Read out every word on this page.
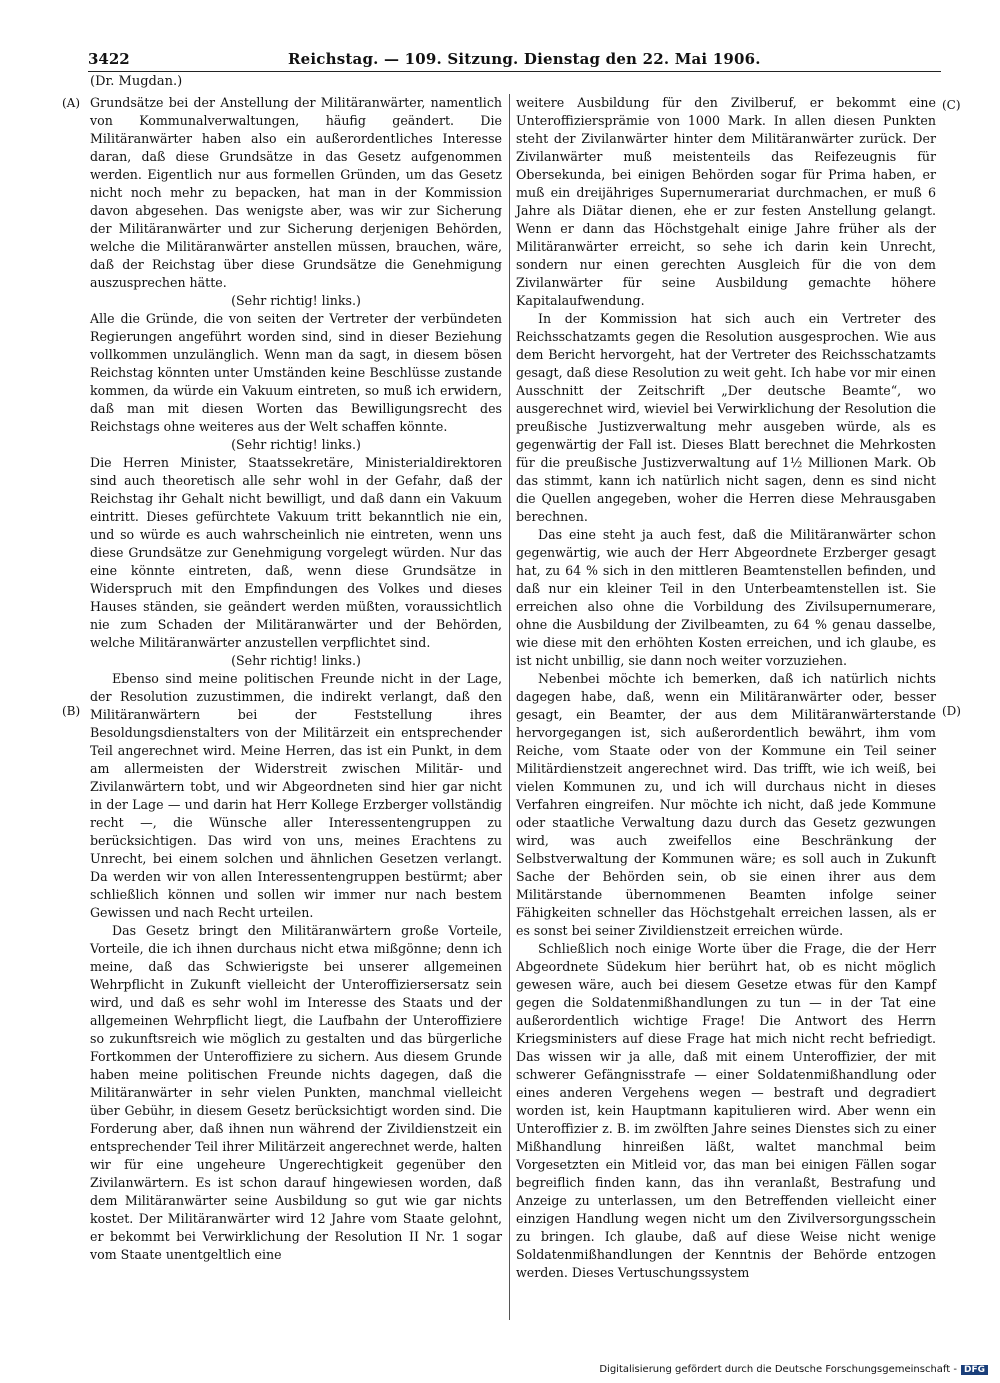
3422	Reichstag. — 109. Sitzung. Dienstag den 22. Mai 1906.
(Dr. Mugdan.)
(A)
(B)
(C)
(D)

Grundsätze bei der Anstellung der Militäranwärter, namentlich von Kommunalverwaltungen, häufig geändert. Die Militäranwärter haben also ein außerordentliches Interesse daran, daß diese Grundsätze in das Gesetz aufgenommen werden. Eigentlich nur aus formellen Gründen, um das Gesetz nicht noch mehr zu bepacken, hat man in der Kommission davon abgesehen. Das wenigste aber, was wir zur Sicherung der Militäranwärter und zur Sicherung derjenigen Behörden, welche die Militäranwärter anstellen müssen, brauchen, wäre, daß der Reichstag über diese Grundsätze die Genehmigung auszusprechen hätte.

(Sehr richtig! links.)

Alle die Gründe, die von seiten der Vertreter der verbündeten Regierungen angeführt worden sind, sind in dieser Beziehung vollkommen unzulänglich. Wenn man da sagt, in diesem bösen Reichstag könnten unter Umständen keine Beschlüsse zustande kommen, da würde ein Vakuum eintreten, so muß ich erwidern, daß man mit diesen Worten das Bewilligungsrecht des Reichstags ohne weiteres aus der Welt schaffen könnte.

(Sehr richtig! links.)

Die Herren Minister, Staatssekretäre, Ministerialdirektoren sind auch theoretisch alle sehr wohl in der Gefahr, daß der Reichstag ihr Gehalt nicht bewilligt, und daß dann ein Vakuum eintritt. Dieses gefürchtete Vakuum tritt bekanntlich nie ein, und so würde es auch wahrscheinlich nie eintreten, wenn uns diese Grundsätze zur Genehmigung vorgelegt würden. Nur das eine könnte eintreten, daß, wenn diese Grundsätze in Widerspruch mit den Empfindungen des Volkes und dieses Hauses ständen, sie geändert werden müßten, voraussichtlich nie zum Schaden der Militäranwärter und der Behörden, welche Militäranwärter anzustellen verpflichtet sind.

(Sehr richtig! links.)

Ebenso sind meine politischen Freunde nicht in der Lage, der Resolution zuzustimmen, die indirekt verlangt, daß den Militäranwärtern bei der Feststellung ihres Besoldungsdienstalters von der Militärzeit ein entsprechender Teil angerechnet wird. Meine Herren, das ist ein Punkt, in dem am allermeisten der Widerstreit zwischen Militär- und Zivilanwärtern tobt, und wir Abgeordneten sind hier gar nicht in der Lage — und darin hat Herr Kollege Erzberger vollständig recht —, die Wünsche aller Interessentengruppen zu berücksichtigen. Das wird von uns, meines Erachtens zu Unrecht, bei einem solchen und ähnlichen Gesetzen verlangt. Da werden wir von allen Interessentengruppen bestürmt; aber schließlich können und sollen wir immer nur nach bestem Gewissen und nach Recht urteilen.

Das Gesetz bringt den Militäranwärtern große Vorteile, Vorteile, die ich ihnen durchaus nicht etwa mißgönne; denn ich meine, daß das Schwierigste bei unserer allgemeinen Wehrpflicht in Zukunft vielleicht der Unteroffiziersersatz sein wird, und daß es sehr wohl im Interesse des Staats und der allgemeinen Wehrpflicht liegt, die Laufbahn der Unteroffiziere so zukunftsreich wie möglich zu gestalten und das bürgerliche Fortkommen der Unteroffiziere zu sichern. Aus diesem Grunde haben meine politischen Freunde nichts dagegen, daß die Militäranwärter in sehr vielen Punkten, manchmal vielleicht über Gebühr, in diesem Gesetz berücksichtigt worden sind. Die Forderung aber, daß ihnen nun während der Zivildienstzeit ein entsprechender Teil ihrer Militärzeit angerechnet werde, halten wir für eine ungeheure Ungerechtigkeit gegenüber den Zivilanwärtern. Es ist schon darauf hingewiesen worden, daß dem Militäranwärter seine Ausbildung so gut wie gar nichts kostet. Der Militäranwärter wird 12 Jahre vom Staate gelohnt, er bekommt bei Verwirklichung der Resolution II Nr. 1 sogar vom Staate unentgeltlich eine

weitere Ausbildung für den Zivilberuf, er bekommt eine Unteroffiziersprämie von 1000 Mark. In allen diesen Punkten steht der Zivilanwärter hinter dem Militäranwärter zurück. Der Zivilanwärter muß meistenteils das Reifezeugnis für Obersekunda, bei einigen Behörden sogar für Prima haben, er muß ein dreijähriges Supernumerariat durchmachen, er muß 6 Jahre als Diätar dienen, ehe er zur festen Anstellung gelangt. Wenn er dann das Höchstgehalt einige Jahre früher als der Militäranwärter erreicht, so sehe ich darin kein Unrecht, sondern nur einen gerechten Ausgleich für die von dem Zivilanwärter für seine Ausbildung gemachte höhere Kapitalaufwendung.

In der Kommission hat sich auch ein Vertreter des Reichsschatzamts gegen die Resolution ausgesprochen. Wie aus dem Bericht hervorgeht, hat der Vertreter des Reichsschatzamts gesagt, daß diese Resolution zu weit geht. Ich habe vor mir einen Ausschnitt der Zeitschrift „Der deutsche Beamte“, wo ausgerechnet wird, wieviel bei Verwirklichung der Resolution die preußische Justizverwaltung mehr ausgeben würde, als es gegenwärtig der Fall ist. Dieses Blatt berechnet die Mehrkosten für die preußische Justizverwaltung auf 1½ Millionen Mark. Ob das stimmt, kann ich natürlich nicht sagen, denn es sind nicht die Quellen angegeben, woher die Herren diese Mehrausgaben berechnen.

Das eine steht ja auch fest, daß die Militäranwärter schon gegenwärtig, wie auch der Herr Abgeordnete Erzberger gesagt hat, zu 64 % sich in den mittleren Beamtenstellen befinden, und daß nur ein kleiner Teil in den Unterbeamtenstellen ist. Sie erreichen also ohne die Vorbildung des Zivilsupernumerare, ohne die Ausbildung der Zivilbeamten, zu 64 % genau dasselbe, wie diese mit den erhöhten Kosten erreichen, und ich glaube, es ist nicht unbillig, sie dann noch weiter vorzuziehen.

Nebenbei möchte ich bemerken, daß ich natürlich nichts dagegen habe, daß, wenn ein Militäranwärter oder, besser gesagt, ein Beamter, der aus dem Militäranwärterstande hervorgegangen ist, sich außerordentlich bewährt, ihm vom Reiche, vom Staate oder von der Kommune ein Teil seiner Militärdienstzeit angerechnet wird. Das trifft, wie ich weiß, bei vielen Kommunen zu, und ich will durchaus nicht in dieses Verfahren eingreifen. Nur möchte ich nicht, daß jede Kommune oder staatliche Verwaltung dazu durch das Gesetz gezwungen wird, was auch zweifellos eine Beschränkung der Selbstverwaltung der Kommunen wäre; es soll auch in Zukunft Sache der Behörden sein, ob sie einen ihrer aus dem Militärstande übernommenen Beamten infolge seiner Fähigkeiten schneller das Höchstgehalt erreichen lassen, als er es sonst bei seiner Zivildienstzeit erreichen würde.

Schließlich noch einige Worte über die Frage, die der Herr Abgeordnete Südekum hier berührt hat, ob es nicht möglich gewesen wäre, auch bei diesem Gesetze etwas für den Kampf gegen die Soldatenmißhandlungen zu tun — in der Tat eine außerordentlich wichtige Frage! Die Antwort des Herrn Kriegsministers auf diese Frage hat mich nicht recht befriedigt. Das wissen wir ja alle, daß mit einem Unteroffizier, der mit schwerer Gefängnisstrafe — einer Soldatenmißhandlung oder eines anderen Vergehens wegen — bestraft und degradiert worden ist, kein Hauptmann kapitulieren wird. Aber wenn ein Unteroffizier z. B. im zwölften Jahre seines Dienstes sich zu einer Mißhandlung hinreißen läßt, waltet manchmal beim Vorgesetzten ein Mitleid vor, das man bei einigen Fällen sogar begreiflich finden kann, das ihn veranlaßt, Bestrafung und Anzeige zu unterlassen, um den Betreffenden vielleicht einer einzigen Handlung wegen nicht um den Zivilversorgungsschein zu bringen. Ich glaube, daß auf diese Weise nicht wenige Soldatenmißhandlungen der Kenntnis der Behörde entzogen werden. Dieses Vertuschungssystem

Digitalisierung gefördert durch die Deutsche Forschungsgemeinschaft - DFG
